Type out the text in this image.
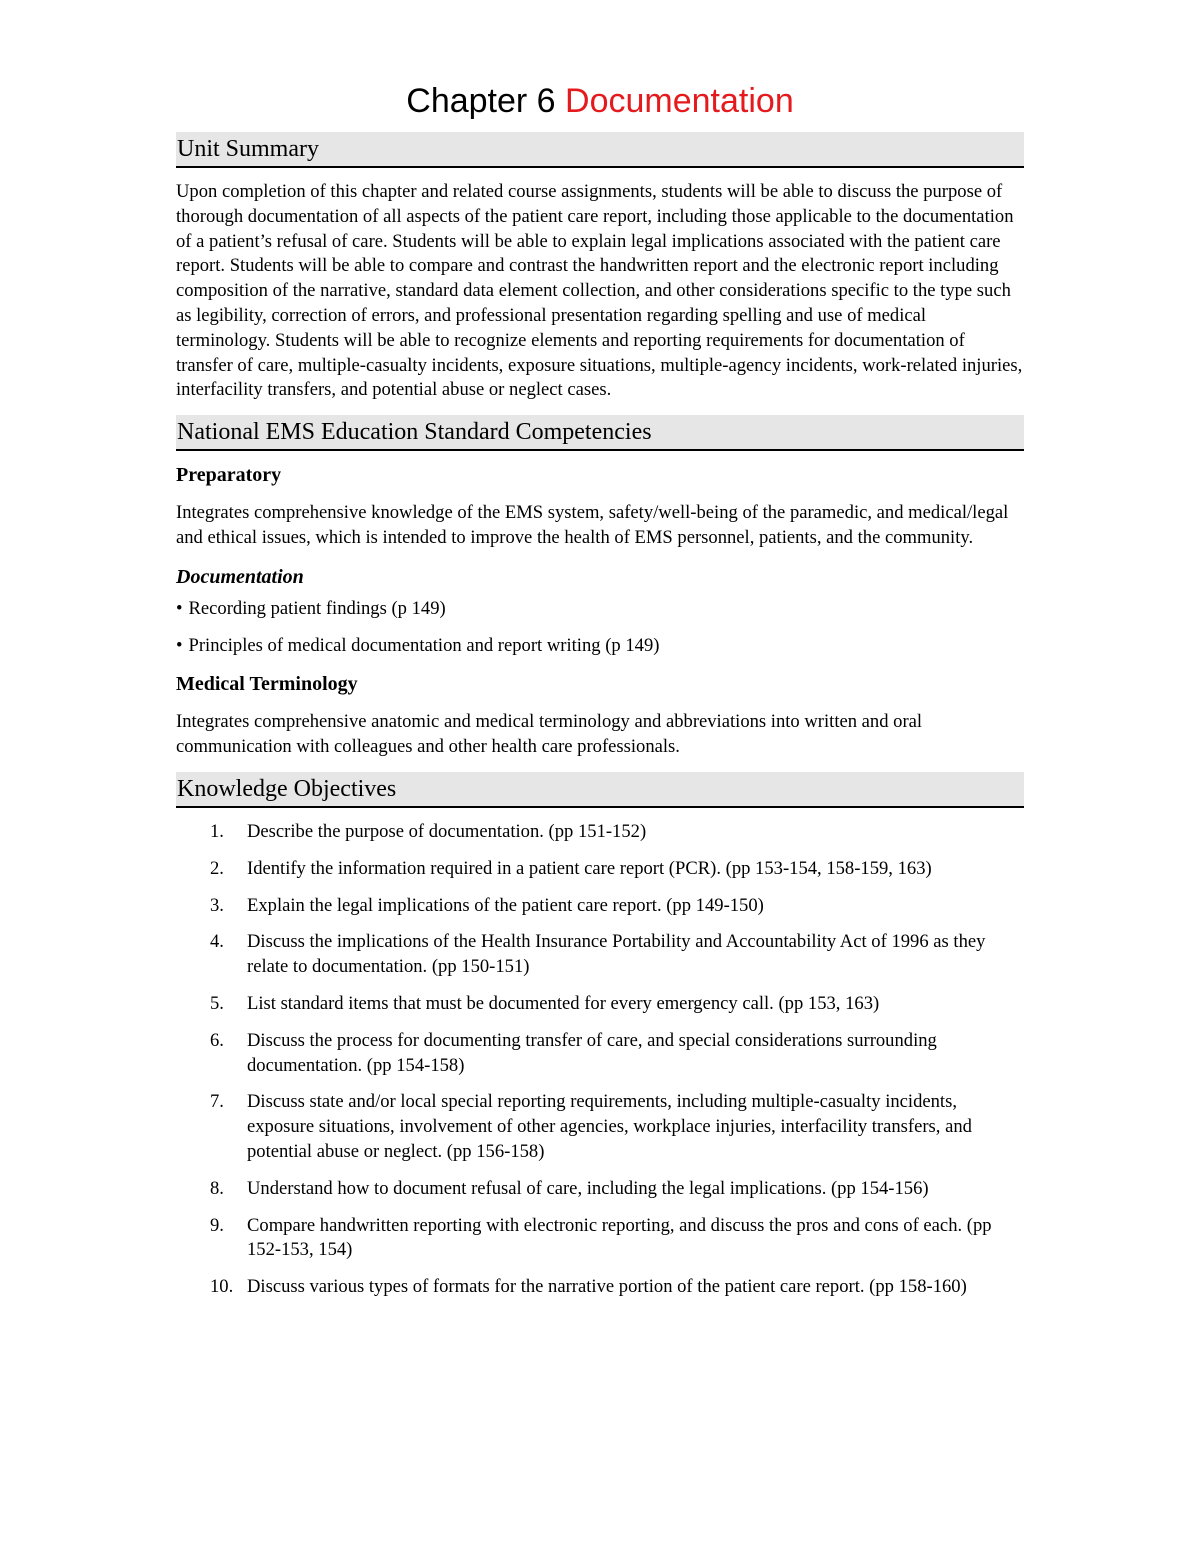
Chapter 6 Documentation
Unit Summary

Upon completion of this chapter and related course assignments, students will be able to discuss the purpose of thorough documentation of all aspects of the patient care report, including those applicable to the documentation of a patient’s refusal of care. Students will be able to explain legal implications associated with the patient care report. Students will be able to compare and contrast the handwritten report and the electronic report including composition of the narrative, standard data element collection, and other considerations specific to the type such as legibility, correction of errors, and professional presentation regarding spelling and use of medical terminology. Students will be able to recognize elements and reporting requirements for documentation of transfer of care, multiple-casualty incidents, exposure situations, multiple-agency incidents, work-related injuries, interfacility transfers, and potential abuse or neglect cases.

National EMS Education Standard Competencies
Preparatory

Integrates comprehensive knowledge of the EMS system, safety/well-being of the paramedic, and medical/legal and ethical issues, which is intended to improve the health of EMS personnel, patients, and the community.

Documentation
• Recording patient findings (p 149)
• Principles of medical documentation and report writing (p 149)
Medical Terminology

Integrates comprehensive anatomic and medical terminology and abbreviations into written and oral communication with colleagues and other health care professionals.

Knowledge Objectives
1. Describe the purpose of documentation. (pp 151-152)
2. Identify the information required in a patient care report (PCR). (pp 153-154, 158-159, 163)
3. Explain the legal implications of the patient care report. (pp 149-150)
4. Discuss the implications of the Health Insurance Portability and Accountability Act of 1996 as they relate to documentation. (pp 150-151)
5. List standard items that must be documented for every emergency call. (pp 153, 163)
6. Discuss the process for documenting transfer of care, and special considerations surrounding documentation. (pp 154-158)
7. Discuss state and/or local special reporting requirements, including multiple-casualty incidents, exposure situations, involvement of other agencies, workplace injuries, interfacility transfers, and potential abuse or neglect. (pp 156-158)
8. Understand how to document refusal of care, including the legal implications. (pp 154-156)
9. Compare handwritten reporting with electronic reporting, and discuss the pros and cons of each. (pp 152-153, 154)
10. Discuss various types of formats for the narrative portion of the patient care report. (pp 158-160)
